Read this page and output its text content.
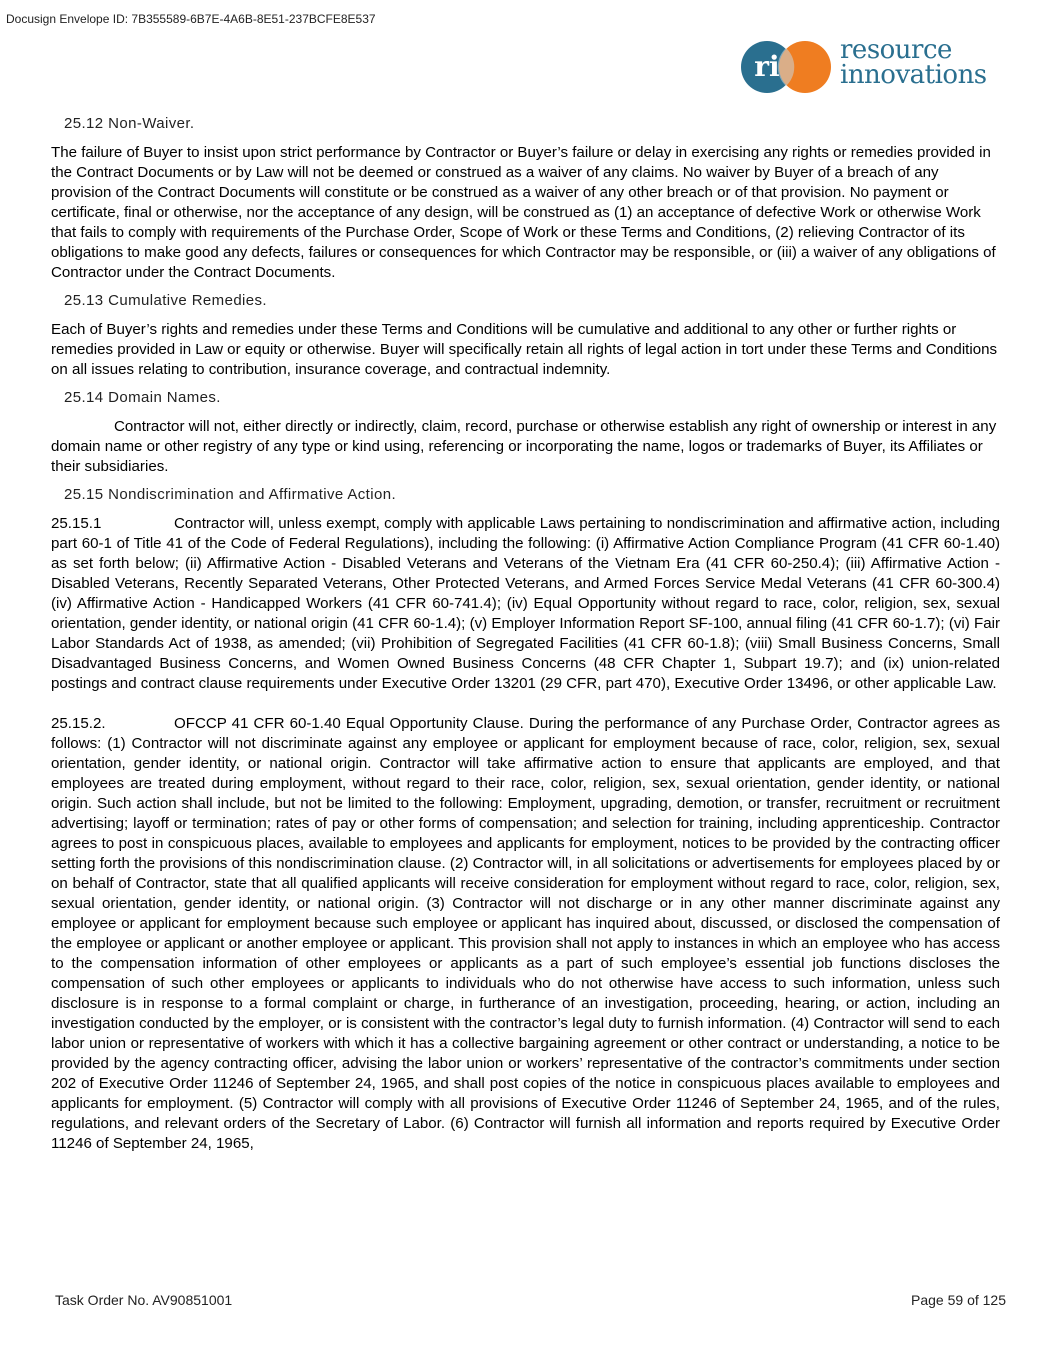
Docusign Envelope ID: 7B355589-6B7E-4A6B-8E51-237BCFE8E537
ri resource
innovations
25.12 Non-Waiver.

The failure of Buyer to insist upon strict performance by Contractor or Buyer’s failure or delay in exercising any rights or remedies provided in the Contract Documents or by Law will not be deemed or construed as a waiver of any claims. No waiver by Buyer of a breach of any provision of the Contract Documents will constitute or be construed as a waiver of any other breach or of that provision. No payment or certificate, final or otherwise, nor the acceptance of any design, will be construed as (1) an acceptance of defective Work or otherwise Work that fails to comply with requirements of the Purchase Order, Scope of Work or these Terms and Conditions, (2) relieving Contractor of its obligations to make good any defects, failures or consequences for which Contractor may be responsible, or (iii) a waiver of any obligations of Contractor under the Contract Documents.

25.13 Cumulative Remedies.

Each of Buyer’s rights and remedies under these Terms and Conditions will be cumulative and additional to any other or further rights or remedies provided in Law or equity or otherwise. Buyer will specifically retain all rights of legal action in tort under these Terms and Conditions on all issues relating to contribution, insurance coverage, and contractual indemnity.

25.14 Domain Names.

Contractor will not, either directly or indirectly, claim, record, purchase or otherwise establish any right of ownership or interest in any domain name or other registry of any type or kind using, referencing or incorporating the name, logos or trademarks of Buyer, its Affiliates or their subsidiaries.

25.15 Nondiscrimination and Affirmative Action.

25.15.1	Contractor will, unless exempt, comply with applicable Laws pertaining to nondiscrimination and affirmative action, including part 60-1 of Title 41 of the Code of Federal Regulations), including the following: (i) Affirmative Action Compliance Program (41 CFR 60-1.40) as set forth below; (ii) Affirmative Action - Disabled Veterans and Veterans of the Vietnam Era (41 CFR 60-250.4); (iii) Affirmative Action - Disabled Veterans, Recently Separated Veterans, Other Protected Veterans, and Armed Forces Service Medal Veterans (41 CFR 60-300.4) (iv) Affirmative Action - Handicapped Workers (41 CFR 60-741.4); (iv) Equal Opportunity without regard to race, color, religion, sex, sexual orientation, gender identity, or national origin (41 CFR 60-1.4); (v) Employer Information Report SF-100, annual filing (41 CFR 60-1.7); (vi) Fair Labor Standards Act of 1938, as amended; (vii) Prohibition of Segregated Facilities (41 CFR 60-1.8); (viii) Small Business Concerns, Small Disadvantaged Business Concerns, and Women Owned Business Concerns (48 CFR Chapter 1, Subpart 19.7); and (ix) union-related postings and contract clause requirements under Executive Order 13201 (29 CFR, part 470), Executive Order 13496, or other applicable Law.

25.15.2.	OFCCP 41 CFR 60-1.40 Equal Opportunity Clause. During the performance of any Purchase Order, Contractor agrees as follows: (1) Contractor will not discriminate against any employee or applicant for employment because of race, color, religion, sex, sexual orientation, gender identity, or national origin. Contractor will take affirmative action to ensure that applicants are employed, and that employees are treated during employment, without regard to their race, color, religion, sex, sexual orientation, gender identity, or national origin. Such action shall include, but not be limited to the following: Employment, upgrading, demotion, or transfer, recruitment or recruitment advertising; layoff or termination; rates of pay or other forms of compensation; and selection for training, including apprenticeship. Contractor agrees to post in conspicuous places, available to employees and applicants for employment, notices to be provided by the contracting officer setting forth the provisions of this nondiscrimination clause. (2) Contractor will, in all solicitations or advertisements for employees placed by or on behalf of Contractor, state that all qualified applicants will receive consideration for employment without regard to race, color, religion, sex, sexual orientation, gender identity, or national origin. (3) Contractor will not discharge or in any other manner discriminate against any employee or applicant for employment because such employee or applicant has inquired about, discussed, or disclosed the compensation of the employee or applicant or another employee or applicant. This provision shall not apply to instances in which an employee who has access to the compensation information of other employees or applicants as a part of such employee’s essential job functions discloses the compensation of such other employees or applicants to individuals who do not otherwise have access to such information, unless such disclosure is in response to a formal complaint or charge, in furtherance of an investigation, proceeding, hearing, or action, including an investigation conducted by the employer, or is consistent with the contractor’s legal duty to furnish information. (4) Contractor will send to each labor union or representative of workers with which it has a collective bargaining agreement or other contract or understanding, a notice to be provided by the agency contracting officer, advising the labor union or workers’ representative of the contractor’s commitments under section 202 of Executive Order 11246 of September 24, 1965, and shall post copies of the notice in conspicuous places available to employees and applicants for employment. (5) Contractor will comply with all provisions of Executive Order 11246 of September 24, 1965, and of the rules, regulations, and relevant orders of the Secretary of Labor. (6) Contractor will furnish all information and reports required by Executive Order 11246 of September 24, 1965,

Task Order No. AV90851001	Page 59 of 125
